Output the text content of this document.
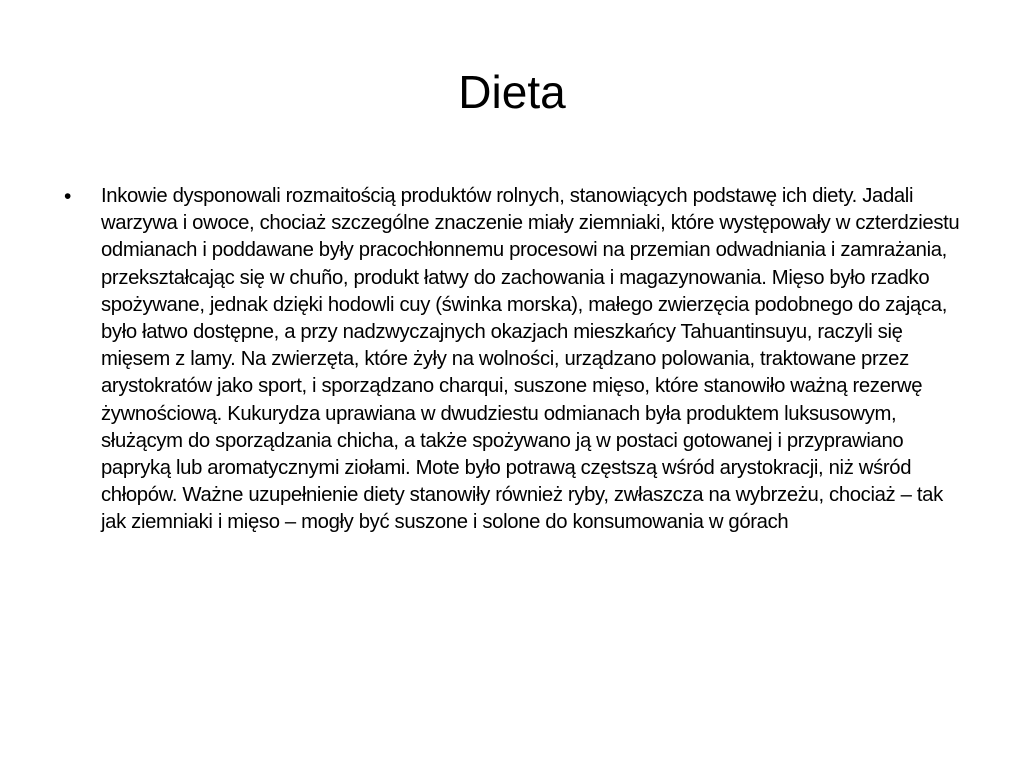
Dieta
•	Inkowie dysponowali rozmaitością produktów rolnych, stanowiących podstawę ich diety. Jadali warzywa i owoce, chociaż szczególne znaczenie miały ziemniaki, które występowały w czterdziestu odmianach i poddawane były pracochłonnemu procesowi na przemian odwadniania i zamrażania, przekształcając się w chuño, produkt łatwy do zachowania i magazynowania. Mięso było rzadko spożywane, jednak dzięki hodowli cuy (świnka morska), małego zwierzęcia podobnego do zająca, było łatwo dostępne, a przy nadzwyczajnych okazjach mieszkańcy Tahuantinsuyu, raczyli się mięsem z lamy. Na zwierzęta, które żyły na wolności, urządzano polowania, traktowane przez arystokratów jako sport, i sporządzano charqui, suszone mięso, które stanowiło ważną rezerwę żywnościową. Kukurydza uprawiana w dwudziestu odmianach była produktem luksusowym, służącym do sporządzania chicha, a także spożywano ją w postaci gotowanej i przyprawiano papryką lub aromatycznymi ziołami. Mote było potrawą częstszą wśród arystokracji, niż wśród chłopów. Ważne uzupełnienie diety stanowiły również ryby, zwłaszcza na wybrzeżu, chociaż – tak jak ziemniaki i mięso – mogły być suszone i solone do konsumowania w górach
